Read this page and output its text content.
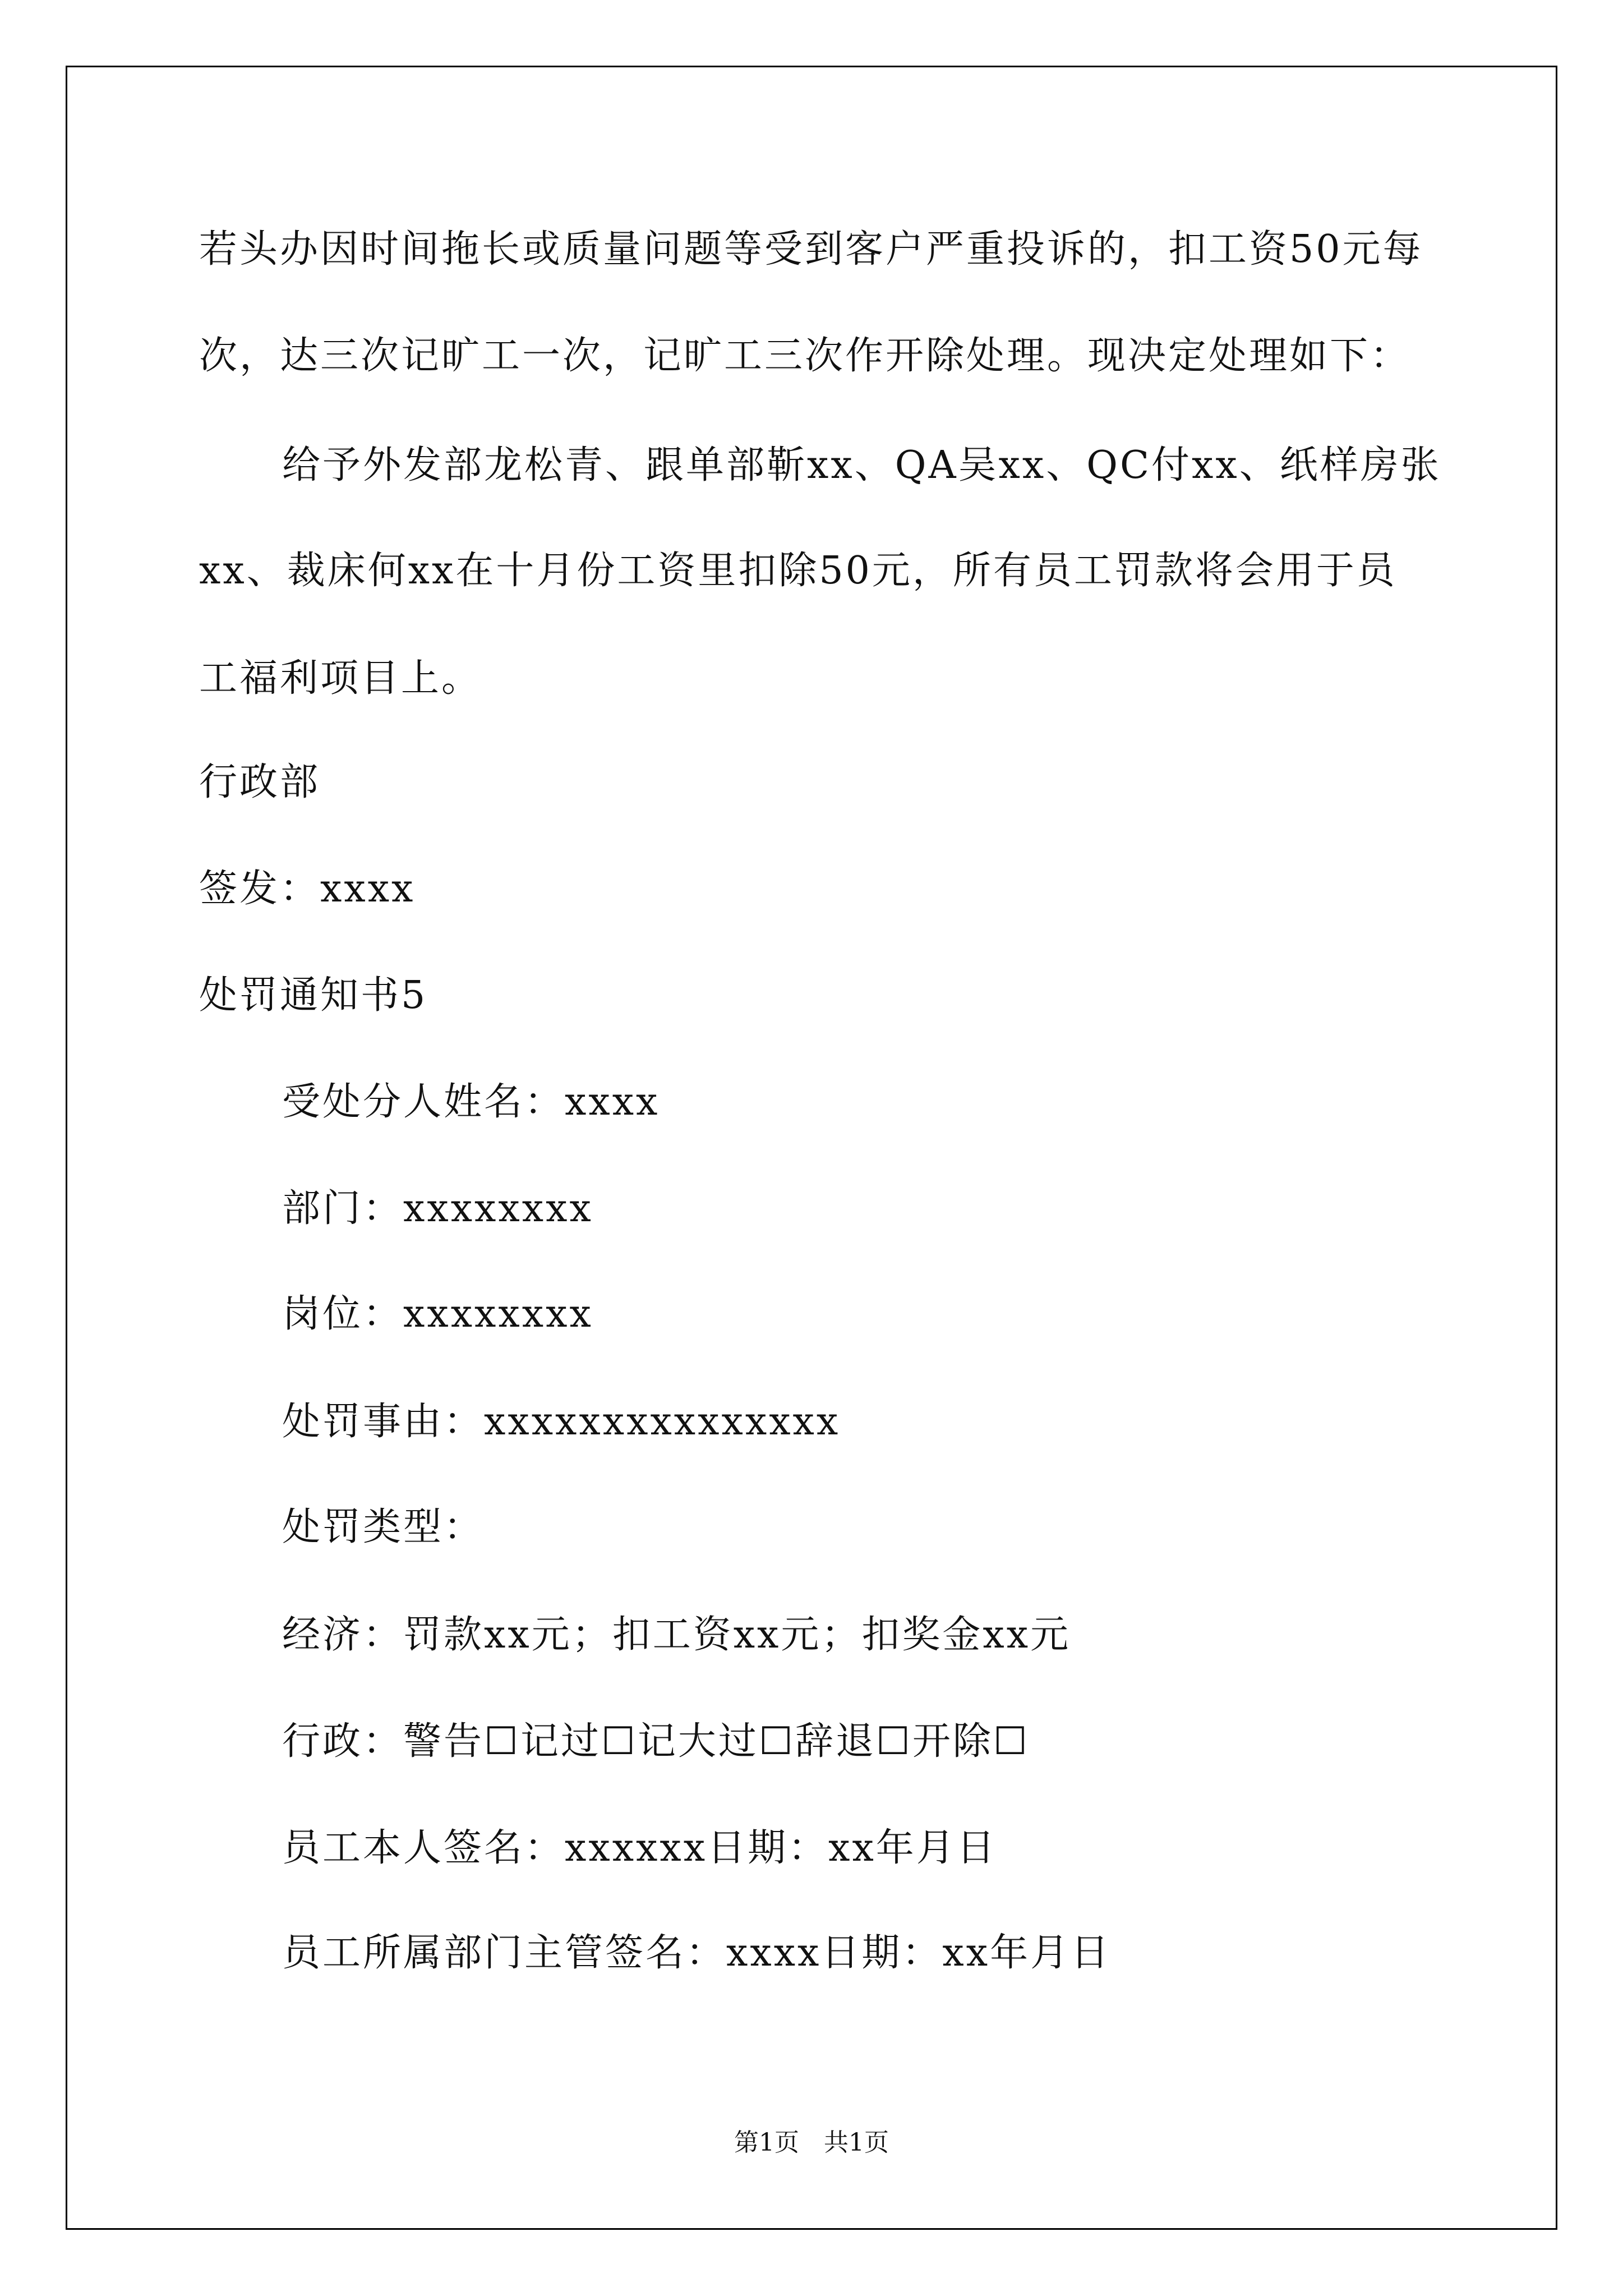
若头办因时间拖长或质量问题等受到客户严重投诉的，扣工资50元每
次，达三次记旷工一次，记旷工三次作开除处理。现决定处理如下：
给予外发部龙松青、跟单部靳xx、QA吴xx、QC付xx、纸样房张
xx、裁床何xx在十月份工资里扣除50元，所有员工罚款将会用于员
工福利项目上。
行政部
签发：xxxx
处罚通知书5
受处分人姓名：xxxx
部门：xxxxxxxx
岗位：xxxxxxxx
处罚事由：xxxxxxxxxxxxxxx
处罚类型：
经济：罚款xx元；扣工资xx元；扣奖金xx元
行政：警告☐记过☐记大过☐辞退☐开除☐
员工本人签名：xxxxxx日期：xx年月日
员工所属部门主管签名：xxxx日期：xx年月日
第1页　共1页
